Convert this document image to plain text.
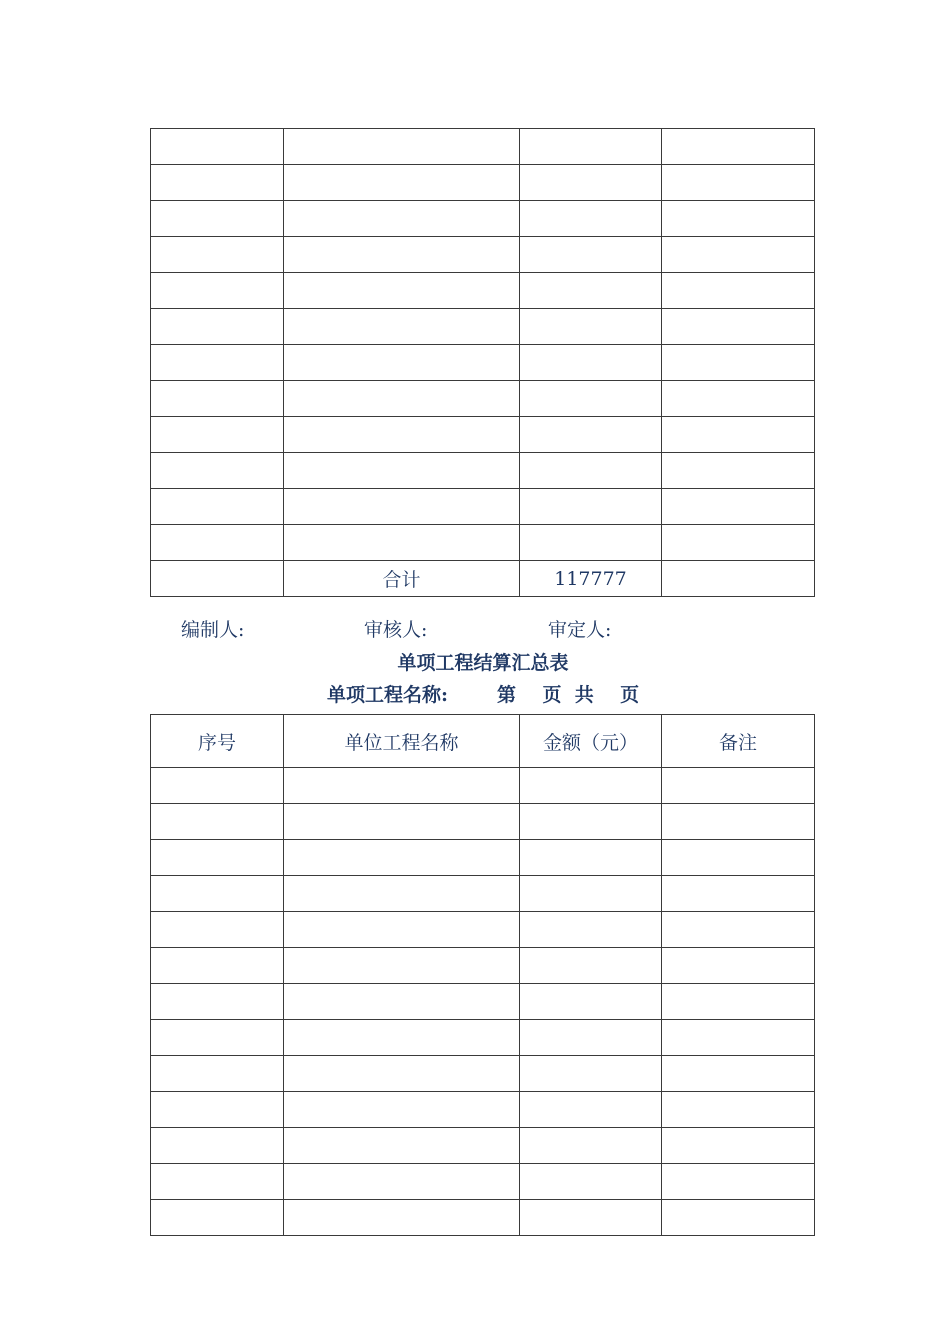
	合计	117777	
编制人:	审核人:	审定人:
单项工程结算汇总表
单项工程名称:	第    页  共    页
序号	单位工程名称	金额（元）	备注
